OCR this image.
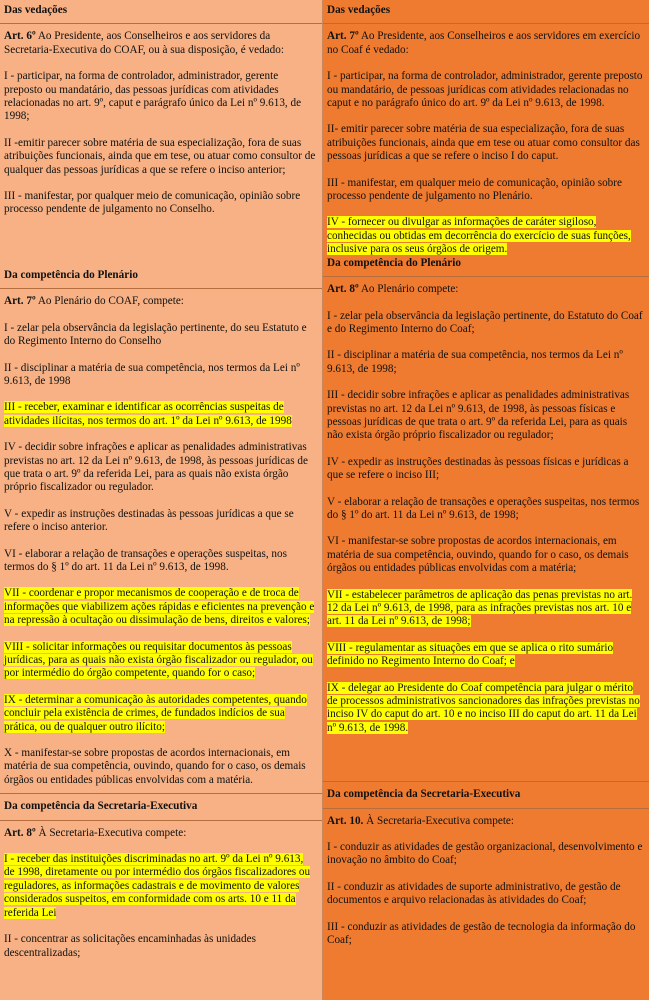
Das vedações

Art. 6º Ao Presidente, aos Conselheiros e aos servidores da Secretaria-Executiva do COAF, ou à sua disposição, é vedado:

I - participar, na forma de controlador, administrador, gerente preposto ou mandatário, das pessoas jurídicas com atividades relacionadas no art. 9º, caput e parágrafo único da Lei nº 9.613, de 1998;

II -emitir parecer sobre matéria de sua especialização, fora de suas atribuições funcionais, ainda que em tese, ou atuar como consultor de qualquer das pessoas jurídicas a que se refere o inciso anterior;

III - manifestar, por qualquer meio de comunicação, opinião sobre processo pendente de julgamento no Conselho.

Da competência do Plenário

Art. 7º Ao Plenário do COAF, compete:

I - zelar pela observância da legislação pertinente, do seu Estatuto e do Regimento Interno do Conselho

II - disciplinar a matéria de sua competência, nos termos da Lei nº 9.613, de 1998

III - receber, examinar e identificar as ocorrências suspeitas de atividades ilícitas, nos termos do art. 1º da Lei nº 9.613, de 1998

IV - decidir sobre infrações e aplicar as penalidades administrativas previstas no art. 12 da Lei nº 9.613, de 1998, às pessoas jurídicas de que trata o art. 9º da referida Lei, para as quais não exista órgão próprio fiscalizador ou regulador.

V - expedir as instruções destinadas às pessoas jurídicas a que se refere o inciso anterior.

VI - elaborar a relação de transações e operações suspeitas, nos termos do § 1º do art. 11 da Lei nº 9.613, de 1998.

VII - coordenar e propor mecanismos de cooperação e de troca de informações que viabilizem ações rápidas e eficientes na prevenção e na repressão à ocultação ou dissimulação de bens, direitos e valores;

VIII - solicitar informações ou requisitar documentos às pessoas jurídicas, para as quais não exista órgão fiscalizador ou regulador, ou por intermédio do órgão competente, quando for o caso;

IX - determinar a comunicação às autoridades competentes, quando concluir pela existência de crimes, de fundados indícios de sua prática, ou de qualquer outro ilícito;

X - manifestar-se sobre propostas de acordos internacionais, em matéria de sua competência, ouvindo, quando for o caso, os demais órgãos ou entidades públicas envolvidas com a matéria.

Da competência da Secretaria-Executiva

Art. 8º À Secretaria-Executiva compete:

I - receber das instituições discriminadas no art. 9º da Lei nº 9.613, de 1998, diretamente ou por intermédio dos órgãos fiscalizadores ou reguladores, as informações cadastrais e de movimento de valores considerados suspeitos, em conformidade com os arts. 10 e 11 da referida Lei

II - concentrar as solicitações encaminhadas às unidades descentralizadas;

Das vedações

Art. 7º Ao Presidente, aos Conselheiros e aos servidores em exercício no Coaf é vedado:

I - participar, na forma de controlador, administrador, gerente preposto ou mandatário, de pessoas jurídicas com atividades relacionadas no caput e no parágrafo único do art. 9º da Lei nº 9.613, de 1998.

II- emitir parecer sobre matéria de sua especialização, fora de suas atribuições funcionais, ainda que em tese ou atuar como consultor das pessoas jurídicas a que se refere o inciso I do caput.

III - manifestar, em qualquer meio de comunicação, opinião sobre processo pendente de julgamento no Plenário.

IV - fornecer ou divulgar as informações de caráter sigiloso, conhecidas ou obtidas em decorrência do exercício de suas funções, inclusive para os seus órgãos de origem.

Da competência do Plenário

Art. 8º Ao Plenário compete:

I - zelar pela observância da legislação pertinente, do Estatuto do Coaf e do Regimento Interno do Coaf;

II - disciplinar a matéria de sua competência, nos termos da Lei nº 9.613, de 1998;

III - decidir sobre infrações e aplicar as penalidades administrativas previstas no art. 12 da Lei nº 9.613, de 1998, às pessoas físicas e pessoas jurídicas de que trata o art. 9º da referida Lei, para as quais não exista órgão próprio fiscalizador ou regulador;

IV - expedir as instruções destinadas às pessoas físicas e jurídicas a que se refere o inciso III;

V - elaborar a relação de transações e operações suspeitas, nos termos do § 1º do art. 11 da Lei nº 9.613, de 1998;

VI - manifestar-se sobre propostas de acordos internacionais, em matéria de sua competência, ouvindo, quando for o caso, os demais órgãos ou entidades públicas envolvidas com a matéria;

VII - estabelecer parâmetros de aplicação das penas previstas no art. 12 da Lei nº 9.613, de 1998, para as infrações previstas nos art. 10 e art. 11 da Lei nº 9.613, de 1998;

VIII - regulamentar as situações em que se aplica o rito sumário definido no Regimento Interno do Coaf; e

IX - delegar ao Presidente do Coaf competência para julgar o mérito de processos administrativos sancionadores das infrações previstas no inciso IV do caput do art. 10 e no inciso III do caput do art. 11 da Lei nº 9.613, de 1998.

Da competência da Secretaria-Executiva

Art. 10. À Secretaria-Executiva compete:

I - conduzir as atividades de gestão organizacional, desenvolvimento e inovação no âmbito do Coaf;

II - conduzir as atividades de suporte administrativo, de gestão de documentos e arquivo relacionadas às atividades do Coaf;

III - conduzir as atividades de gestão de tecnologia da informação do Coaf;
